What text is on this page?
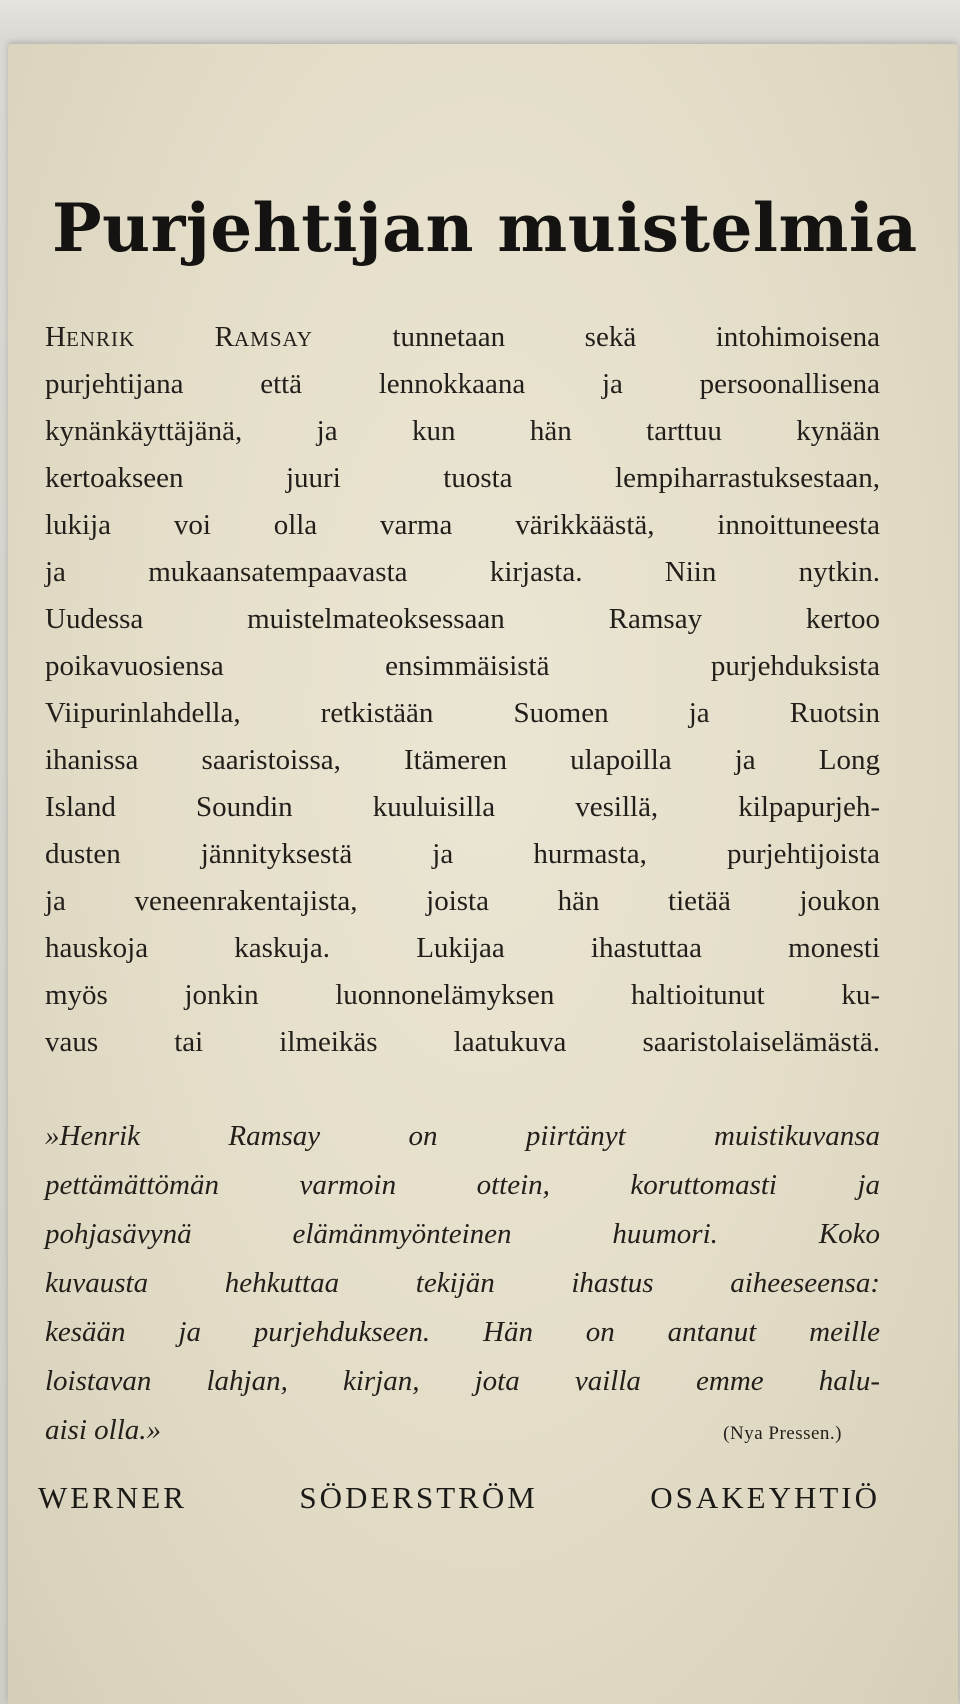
Purjehtijan muistelmia
HENRIK	RAMSAY	tunnetaan sekä intohimoisena
purjehtijana että lennokkaana ja persoonallisena
kynänkäyttäjänä, ja kun hän tarttuu kynään
kertoakseen juuri tuosta lempiharrastuksestaan,
lukija voi olla varma värikkäästä, innoittuneesta
ja mukaansatempaavasta kirjasta. Niin nytkin.
Uudessa muistelmateoksessaan Ramsay kertoo
poikavuosiensa ensimmäisistä purjehduksista
Viipurinlahdella, retkistään Suomen ja Ruotsin
ihanissa saaristoissa, Itämeren ulapoilla ja Long
Island Soundin kuuluisilla vesillä, kilpapurjeh-
dusten jännityksestä ja hurmasta, purjehtijoista
ja veneenrakentajista, joista hän tietää joukon
hauskoja kaskuja. Lukijaa ihastuttaa monesti
myös jonkin luonnonelämyksen haltioitunut ku-
vaus tai ilmeikäs laatukuva saaristolaiselämästä.
»Henrik Ramsay on piirtänyt muistikuvansa
pettämättömän varmoin ottein, koruttomasti ja
pohjasävynä elämänmyönteinen huumori. Koko
kuvausta hehkuttaa tekijän ihastus aiheeseensa:
kesään ja purjehdukseen. Hän on antanut meille
loistavan lahjan, kirjan, jota vailla emme halu-
aisi olla.»	(Nya Pressen.)
WERNER SÖDERSTRÖM OSAKEYHTIÖ
